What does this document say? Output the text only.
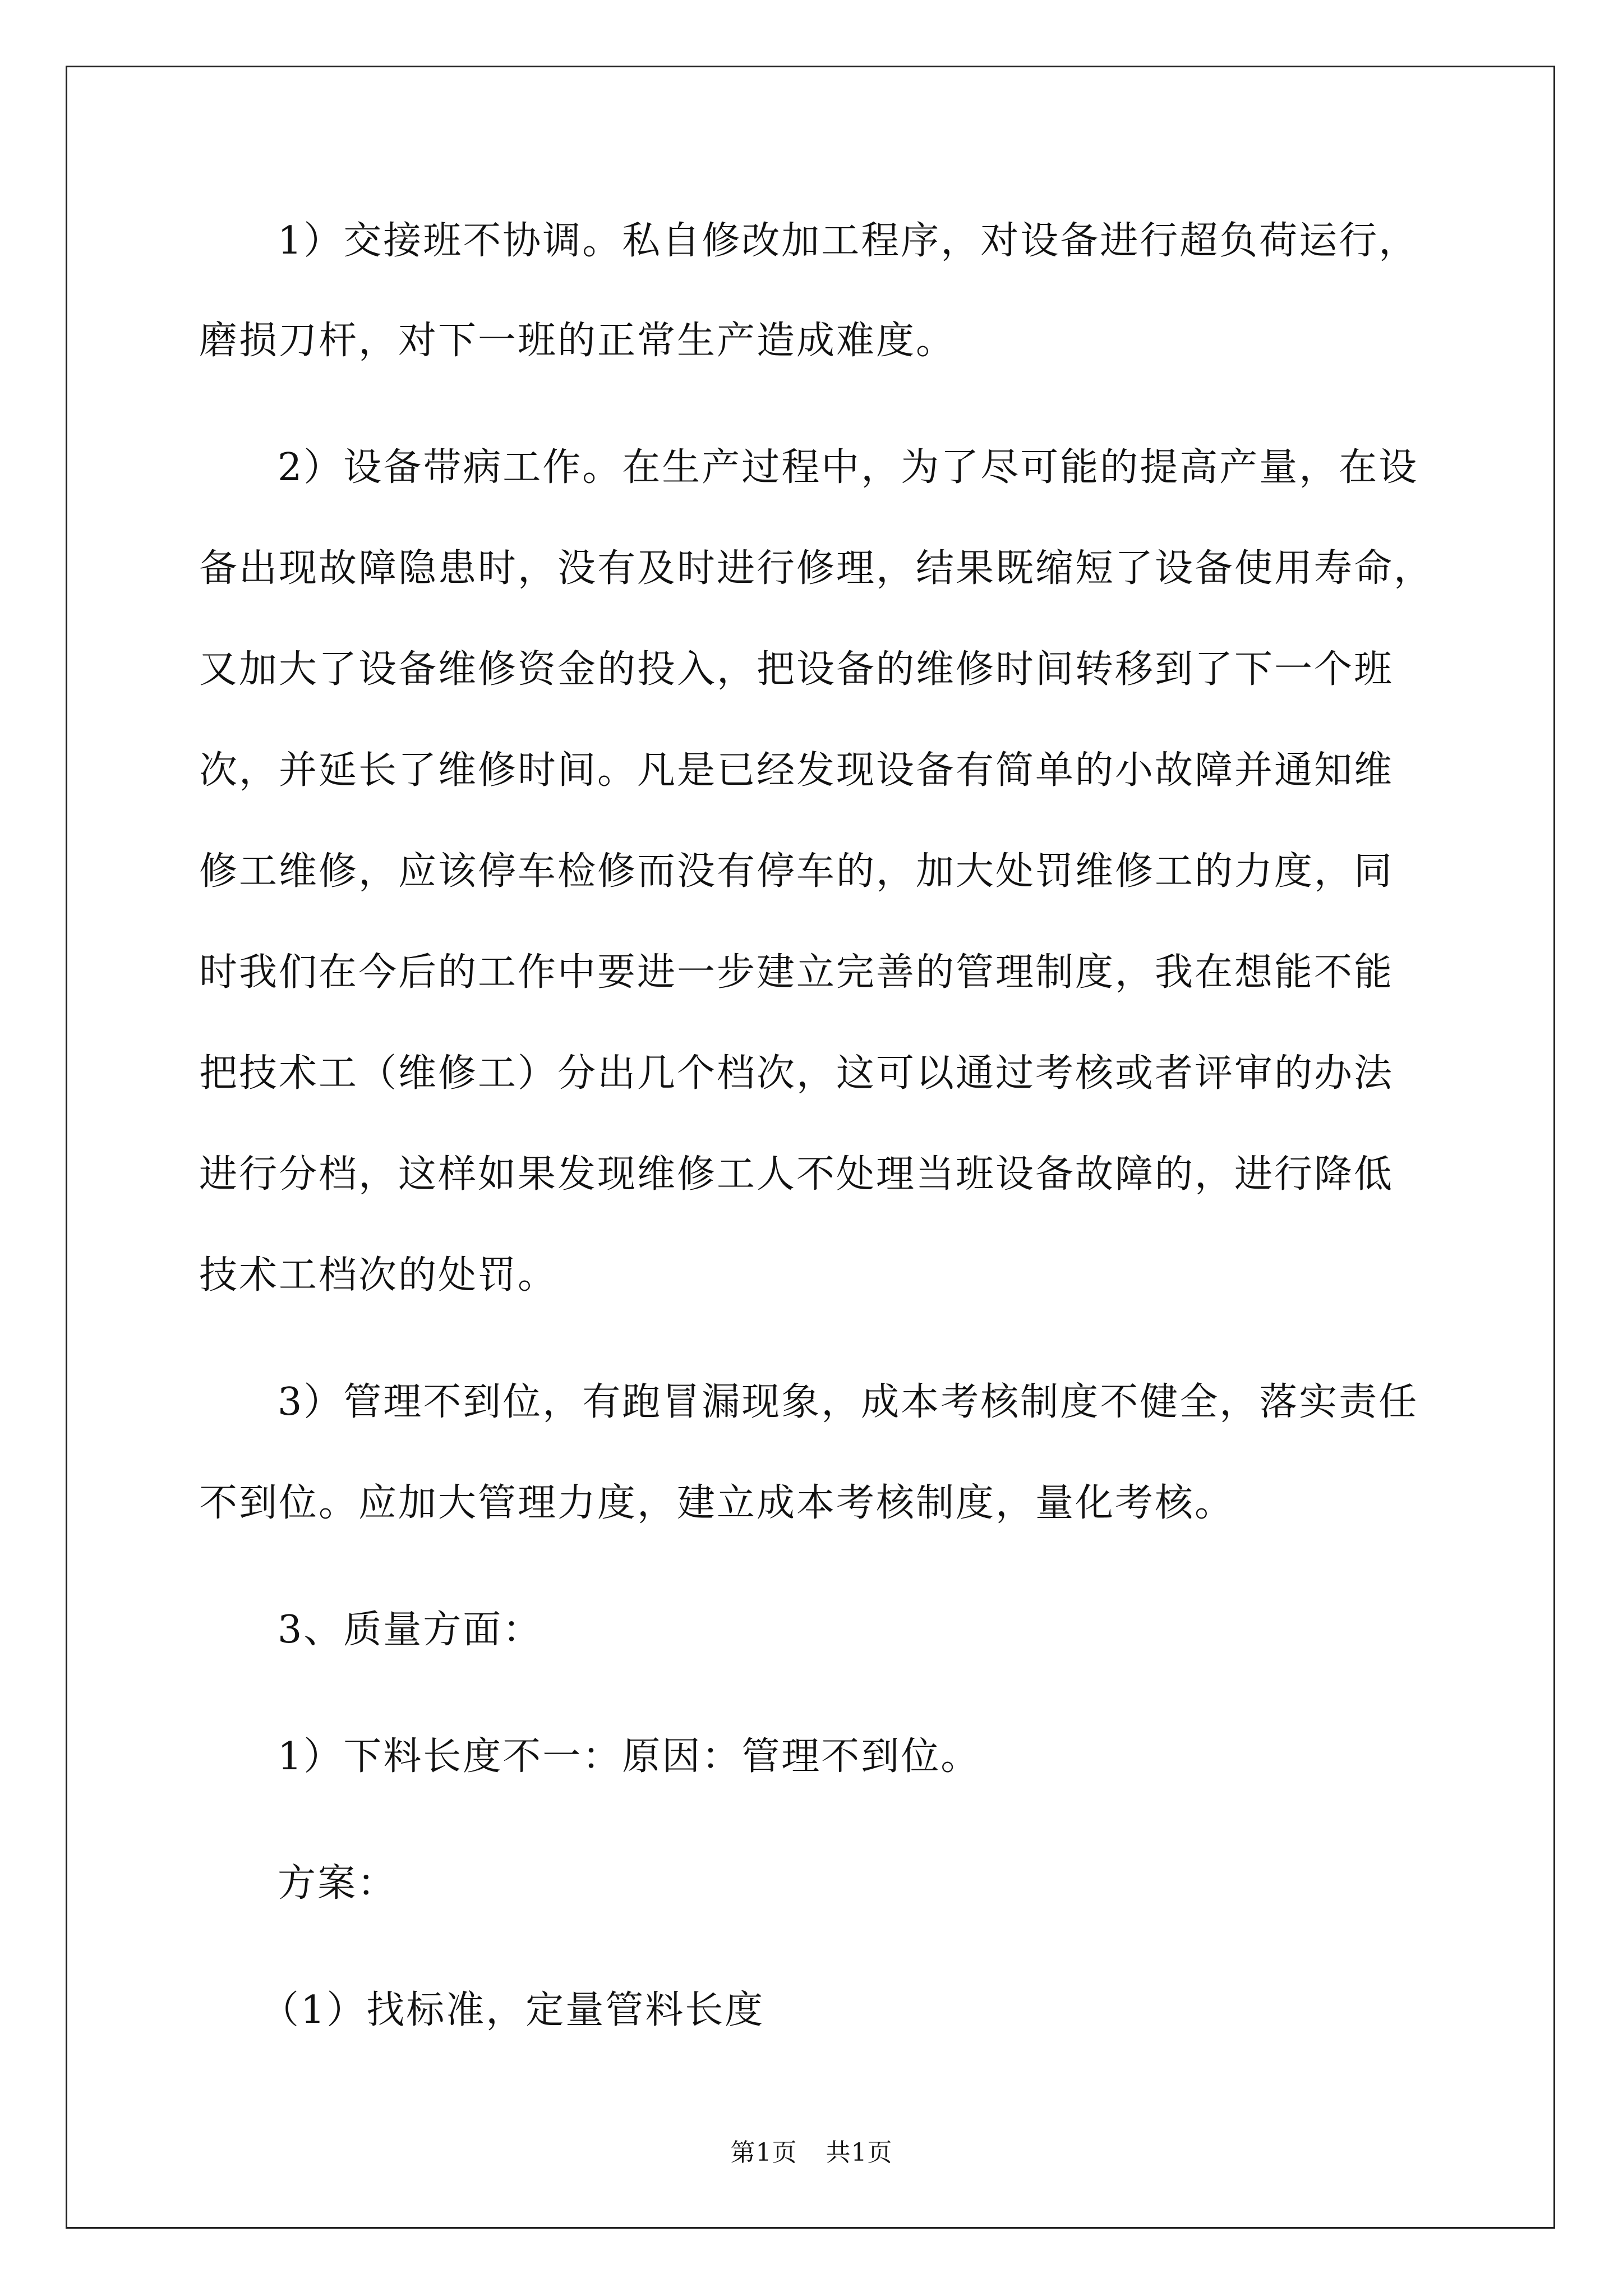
1）交接班不协调。私自修改加工程序，对设备进行超负荷运行，
磨损刀杆，对下一班的正常生产造成难度。
2）设备带病工作。在生产过程中，为了尽可能的提高产量，在设
备出现故障隐患时，没有及时进行修理，结果既缩短了设备使用寿命，
又加大了设备维修资金的投入，把设备的维修时间转移到了下一个班
次，并延长了维修时间。凡是已经发现设备有简单的小故障并通知维
修工维修，应该停车检修而没有停车的，加大处罚维修工的力度，同
时我们在今后的工作中要进一步建立完善的管理制度，我在想能不能
把技术工（维修工）分出几个档次，这可以通过考核或者评审的办法
进行分档，这样如果发现维修工人不处理当班设备故障的，进行降低
技术工档次的处罚。
3）管理不到位，有跑冒漏现象，成本考核制度不健全，落实责任
不到位。应加大管理力度，建立成本考核制度，量化考核。
3、质量方面：
1）下料长度不一：原因：管理不到位。
方案：
（1）找标准，定量管料长度
第1页 共1页
